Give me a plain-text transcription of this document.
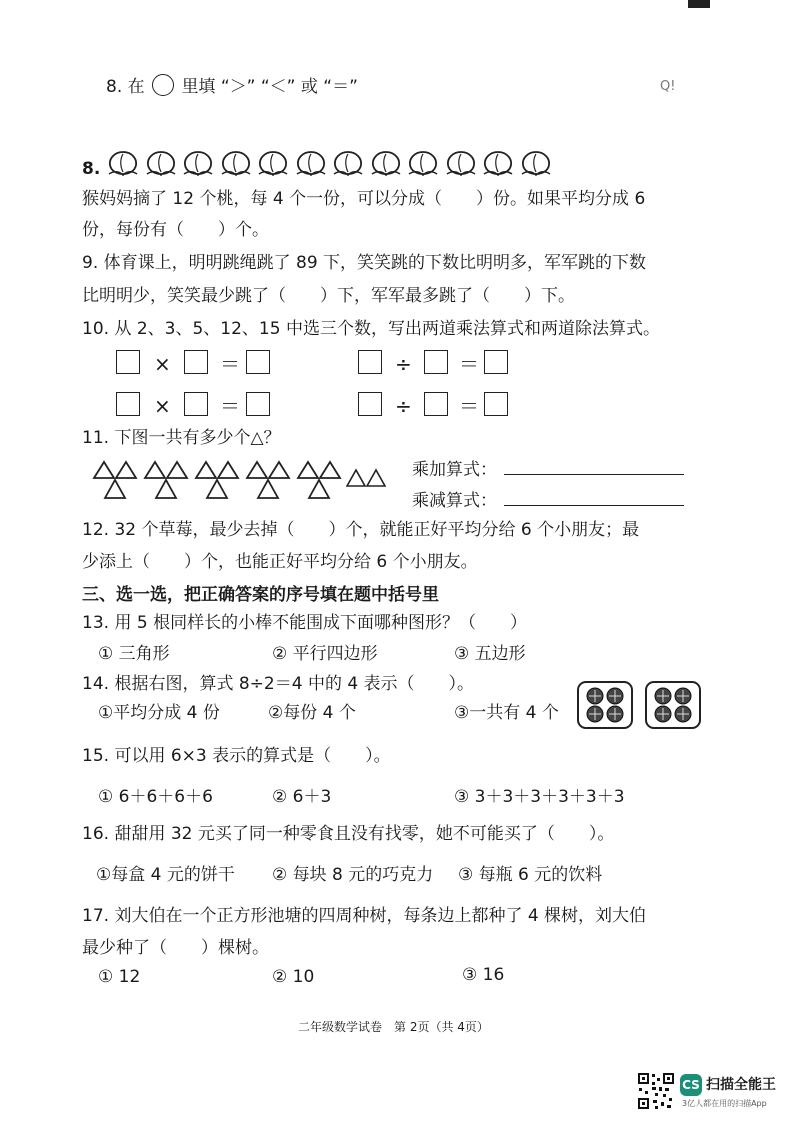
8. 在 里填 “＞” “＜” 或 “＝”	Q!
8.
猴妈妈摘了 12 个桃，每 4 个一份，可以分成（　　）份。如果平均分成 6
份，每份有（　　）个。
9. 体育课上，明明跳绳跳了 89 下，笑笑跳的下数比明明多，军军跳的下数
比明明少，笑笑最少跳了（　　）下，军军最多跳了（　　）下。
10. 从 2、3、5、12、15 中选三个数，写出两道乘法算式和两道除法算式。
× ＝	÷ ＝
× ＝	÷ ＝
11. 下图一共有多少个△？
乘加算式：
乘减算式：
12. 32 个草莓，最少去掉（　　）个，就能正好平均分给 6 个小朋友；最
少添上（　　）个，也能正好平均分给 6 个小朋友。
三、选一选，把正确答案的序号填在题中括号里
13. 用 5 根同样长的小棒不能围成下面哪种图形？（　　）
① 三角形	② 平行四边形	③ 五边形
14. 根据右图，算式 8÷2＝4 中的 4 表示（　　）。
①平均分成 4 份	②每份 4 个	③一共有 4 个
15. 可以用 6×3 表示的算式是（　　）。
① 6＋6＋6＋6	② 6＋3	③ 3＋3＋3＋3＋3＋3
16. 甜甜用 32 元买了同一种零食且没有找零，她不可能买了（　　）。
①每盒 4 元的饼干 ② 每块 8 元的巧克力 ③ 每瓶 6 元的饮料
17. 刘大伯在一个正方形池塘的四周种树，每条边上都种了 4 棵树，刘大伯
最少种了（　　）棵树。
① 12	② 10	③ 16
二年级数学试卷　第 2页（共 4页）
CS 扫描全能王
3亿人都在用的扫描App
